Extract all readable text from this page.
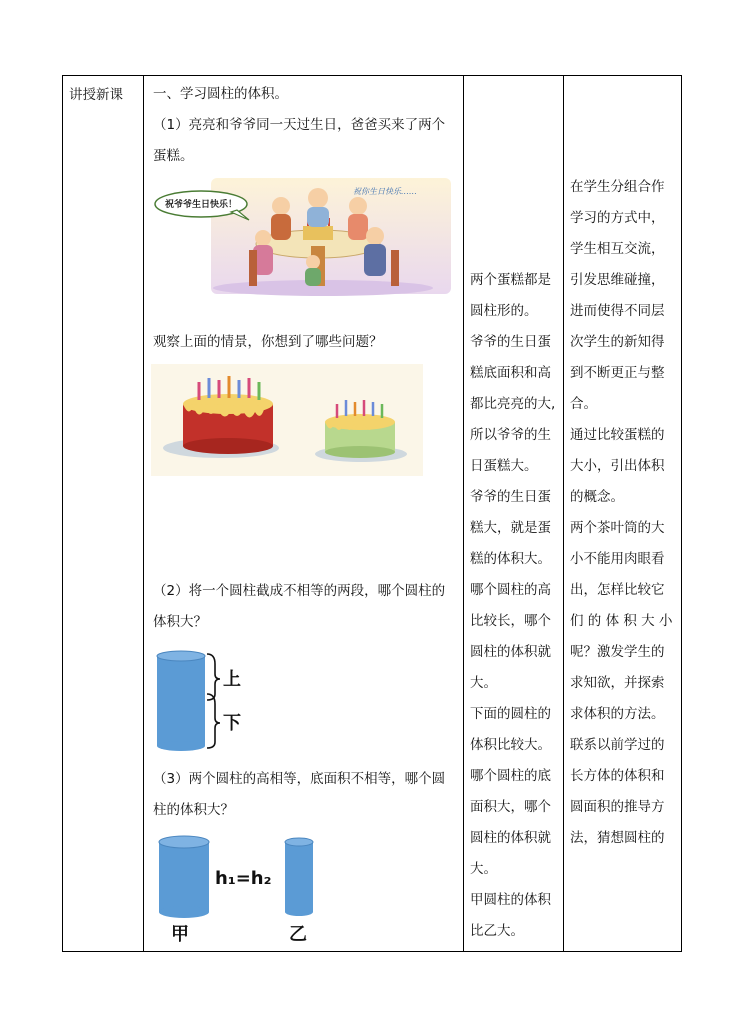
讲授新课 一、学习圆柱的体积。
（1）亮亮和爷爷同一天过生日，爸爸买来了两个
蛋糕。
祝爷爷生日快乐！
祝你生日快乐……
观察上面的情景，你想到了哪些问题？
（2）将一个圆柱截成不相等的两段，哪个圆柱的
体积大？
上
下
（3）两个圆柱的高相等，底面积不相等，哪个圆
柱的体积大？
h₁=h₂
甲	乙
两个蛋糕都是
圆柱形的。
爷爷的生日蛋
糕底面积和高
都比亮亮的大,
所以爷爷的生
日蛋糕大。
爷爷的生日蛋
糕大，就是蛋
糕的体积大。
哪个圆柱的高
比较长，哪个
圆柱的体积就
大。
下面的圆柱的
体积比较大。
哪个圆柱的底
面积大，哪个
圆柱的体积就
大。
甲圆柱的体积
比乙大。
在学生分组合作
学习的方式中，
学生相互交流，
引发思维碰撞，
进而使得不同层
次学生的新知得
到不断更正与整
合。
通过比较蛋糕的
大小，引出体积
的概念。
两个茶叶筒的大
小不能用肉眼看
出，怎样比较它
们 的 体 积 大 小
呢？激发学生的
求知欲，并探索
求体积的方法。
联系以前学过的
长方体的体积和
圆面积的推导方
法，猜想圆柱的
